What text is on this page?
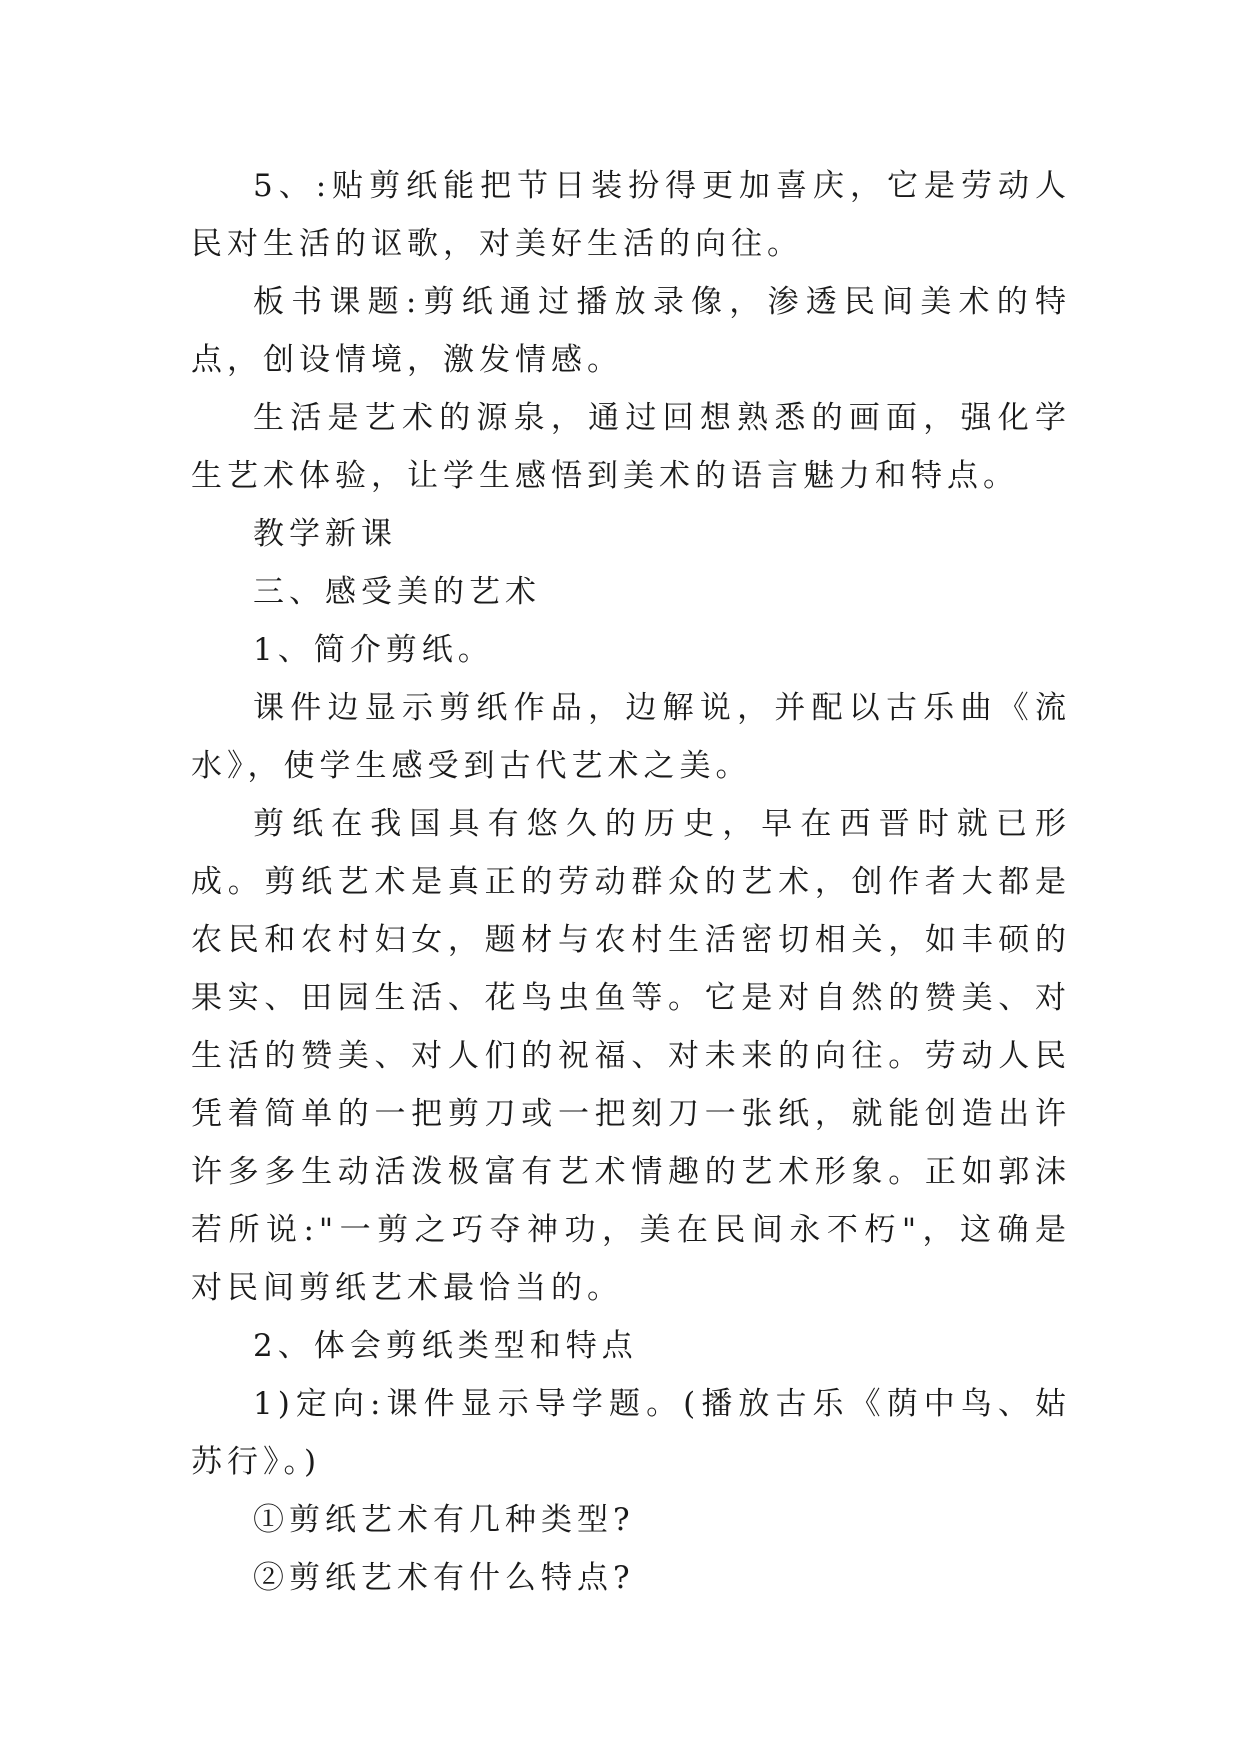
5、:贴剪纸能把节日装扮得更加喜庆，它是劳动人民对生活的讴歌，对美好生活的向往。

板书课题:剪纸通过播放录像，渗透民间美术的特点，创设情境，激发情感。

生活是艺术的源泉，通过回想熟悉的画面，强化学生艺术体验，让学生感悟到美术的语言魅力和特点。

教学新课

三、感受美的艺术

1、简介剪纸。

课件边显示剪纸作品，边解说，并配以古乐曲《流水》，使学生感受到古代艺术之美。

剪纸在我国具有悠久的历史，早在西晋时就已形成。剪纸艺术是真正的劳动群众的艺术，创作者大都是农民和农村妇女，题材与农村生活密切相关，如丰硕的果实、田园生活、花鸟虫鱼等。它是对自然的赞美、对生活的赞美、对人们的祝福、对未来的向往。劳动人民凭着简单的一把剪刀或一把刻刀一张纸，就能创造出许许多多生动活泼极富有艺术情趣的艺术形象。正如郭沫若所说:"一剪之巧夺神功，美在民间永不朽"，这确是对民间剪纸艺术最恰当的。

2、体会剪纸类型和特点

1)定向:课件显示导学题。(播放古乐《荫中鸟、姑苏行》。)

①剪纸艺术有几种类型?

②剪纸艺术有什么特点?
